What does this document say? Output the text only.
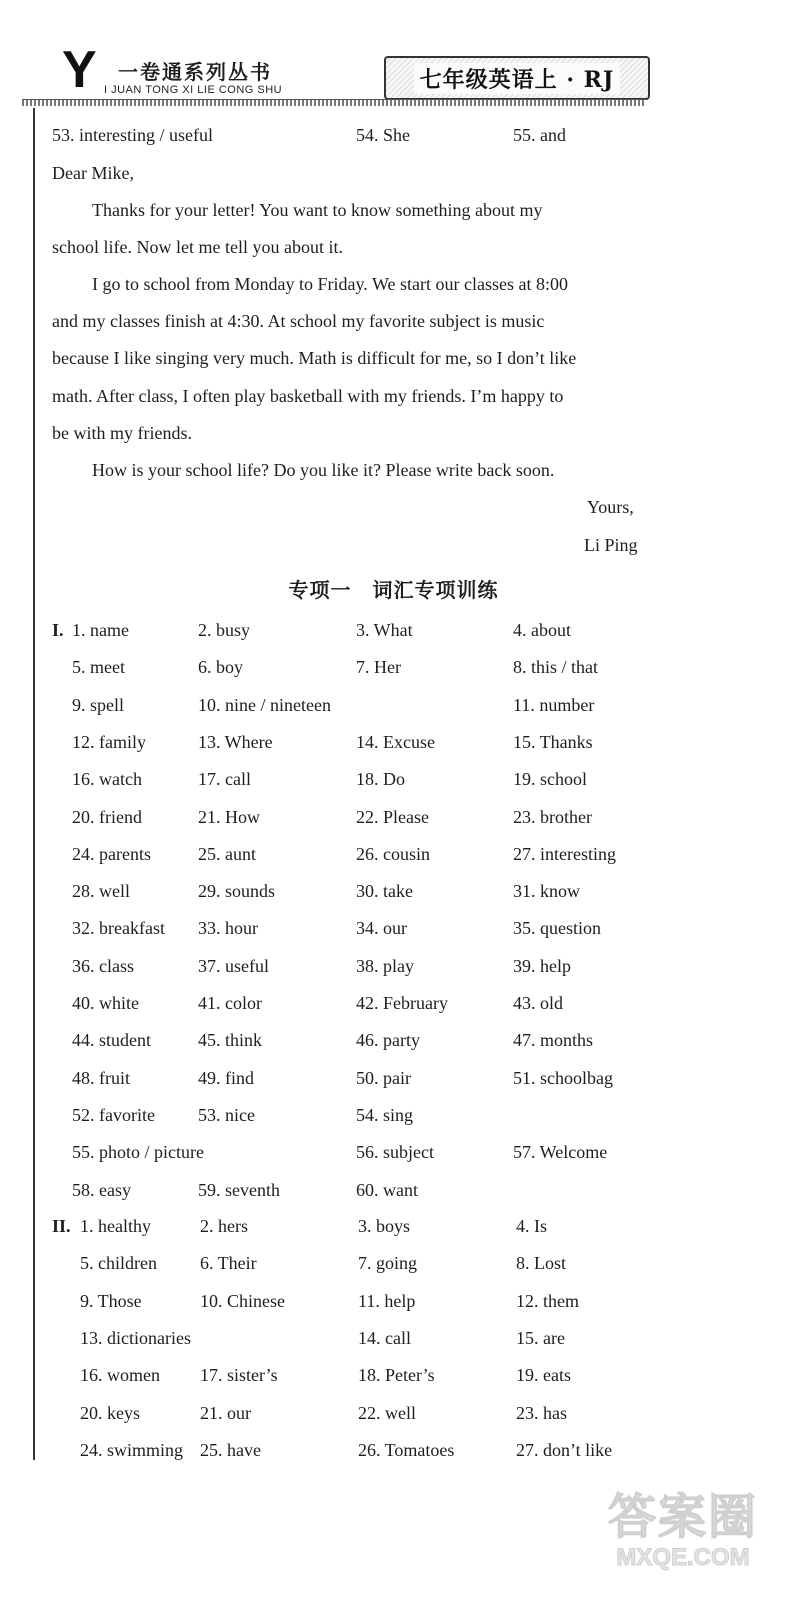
Y 一卷通系列丛书
I JUAN TONG XI LIE CONG SHU	七年级英语上 · RJ
53. interesting / useful	54. She	55. and
Dear Mike,
Thanks for your letter! You want to know something about my
school life. Now let me tell you about it.
I go to school from Monday to Friday. We start our classes at 8:00
and my classes finish at 4:30. At school my favorite subject is music
because I like singing very much. Math is difficult for me, so I don’t like
math. After class, I often play basketball with my friends. I’m happy to
be with my friends.
How is your school life? Do you like it? Please write back soon.
Yours,
Li Ping
专项一　词汇专项训练
I. 1. name	2. busy	3. What	4. about
5. meet	6. boy	7. Her	8. this / that
9. spell	10. nine / nineteen	11. number
12. family	13. Where	14. Excuse	15. Thanks
16. watch	17. call	18. Do	19. school
20. friend	21. How	22. Please	23. brother
24. parents	25. aunt	26. cousin	27. interesting
28. well	29. sounds	30. take	31. know
32. breakfast 33. hour	34. our	35. question
36. class	37. useful	38. play	39. help
40. white	41. color	42. February	43. old
44. student	45. think	46. party	47. months
48. fruit	49. find	50. pair	51. schoolbag
52. favorite 53. nice	54. sing
55. photo / picture	56. subject	57. Welcome
58. easy	59. seventh	60. want
II. 1. healthy	2. hers	3. boys	4. Is
5. children 6. Their	7. going	8. Lost
9. Those	10. Chinese	11. help	12. them
13. dictionaries	14. call	15. are
16. women 17. sister’s	18. Peter’s	19. eats
20. keys	21. our	22. well	23. has
24. swimming 25. have	26. Tomatoes	27. don’t like
答案圈
MXQE.COM
